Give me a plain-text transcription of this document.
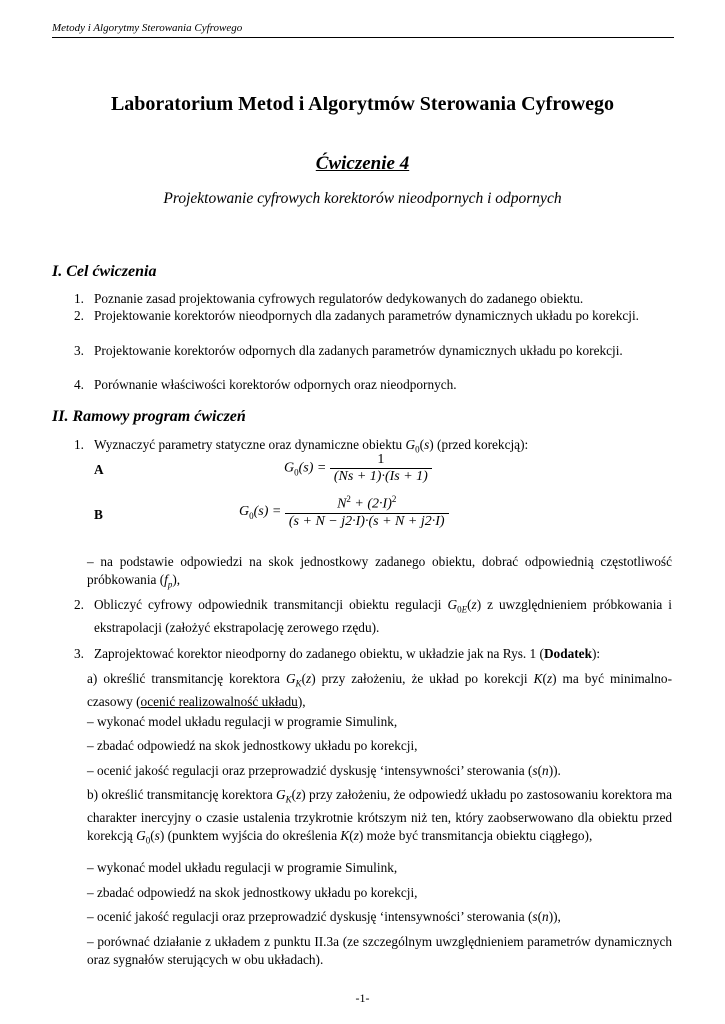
Metody i Algorytmy Sterowania Cyfrowego
Laboratorium Metod i Algorytmów Sterowania Cyfrowego
Ćwiczenie 4
Projektowanie cyfrowych korektorów nieodpornych i odpornych
I. Cel ćwiczenia
1. Poznanie zasad projektowania cyfrowych regulatorów dedykowanych do zadanego obiektu.
2. Projektowanie korektorów nieodpornych dla zadanych parametrów dynamicznych układu po korekcji.
3. Projektowanie korektorów odpornych dla zadanych parametrów dynamicznych układu po korekcji.
4. Porównanie właściwości korektorów odpornych oraz nieodpornych.
II. Ramowy program ćwiczeń
1. Wyznaczyć parametry statyczne oraz dynamiczne obiektu $G_0(s)$ (przed korekcją):
A	$G_0(s) = \frac{1}{(Ns + 1)\cdot(Is + 1)}$
B	$G_0(s) = \frac{N^2 + (2\cdot I)^2}{(s + N - j2\cdot I)\cdot(s + N + j2\cdot I)}$
– na podstawie odpowiedzi na skok jednostkowy zadanego obiektu, dobrać odpowiednią częstotliwość próbkowania $(f_p)$,
2. Obliczyć cyfrowy odpowiednik transmitancji obiektu regulacji $G_{0E}(z)$ z uwzględnieniem próbkowania i ekstrapolacji (założyć ekstrapolację zerowego rzędu).
3. Zaprojektować korektor nieodporny do zadanego obiektu, w układzie jak na Rys. 1 (Dodatek):
a) określić transmitancję korektora $G_K(z)$ przy założeniu, że układ po korekcji K(z) ma być minimalno-czasowy (ocenić realizowalność układu),
– wykonać model układu regulacji w programie Simulink,
– zbadać odpowiedź na skok jednostkowy układu po korekcji,
– ocenić jakość regulacji oraz przeprowadzić dyskusję ‘intensywności’ sterowania (s(n)).
b) określić transmitancję korektora $G_K(z)$ przy założeniu, że odpowiedź układu po zastosowaniu korektora ma charakter inercyjny o czasie ustalenia trzykrotnie krótszym niż ten, który zaobserwowano dla obiektu przed korekcją $G_0(s)$ (punktem wyjścia do określenia K(z) może być transmitancja obiektu ciągłego),
– wykonać model układu regulacji w programie Simulink,
– zbadać odpowiedź na skok jednostkowy układu po korekcji,
– ocenić jakość regulacji oraz przeprowadzić dyskusję ‘intensywności’ sterowania (s(n)),
– porównać działanie z układem z punktu II.3a (ze szczególnym uwzględnieniem parametrów dynamicznych oraz sygnałów sterujących w obu układach).
-1-
